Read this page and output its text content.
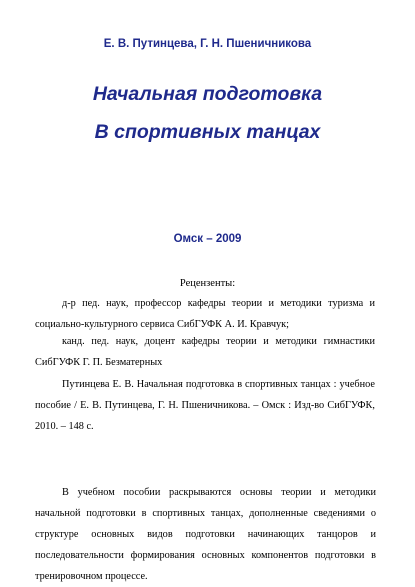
Е. В. Путинцева, Г. Н. Пшеничникова
Начальная подготовка
В спортивных танцах
Омск – 2009
Рецензенты:
д-р пед. наук, профессор кафедры теории и методики туризма и социально-культурного сервиса СибГУФК А. И. Кравчук;
канд. пед. наук, доцент кафедры теории и методики гимнастики СибГУФК Г. П. Безматерных
Путинцева Е. В. Начальная подготовка в спортивных танцах : учебное пособие / Е. В. Путинцева, Г. Н. Пшеничникова. – Омск : Изд-во СибГУФК, 2010. – 148 с.
В учебном пособии раскрываются основы теории и методики начальной подготовки в спортивных танцах, дополненные сведениями о структуре основных видов подготовки начинающих танцоров и последовательности формирования основных компонентов подготовки в тренировочном процессе.
